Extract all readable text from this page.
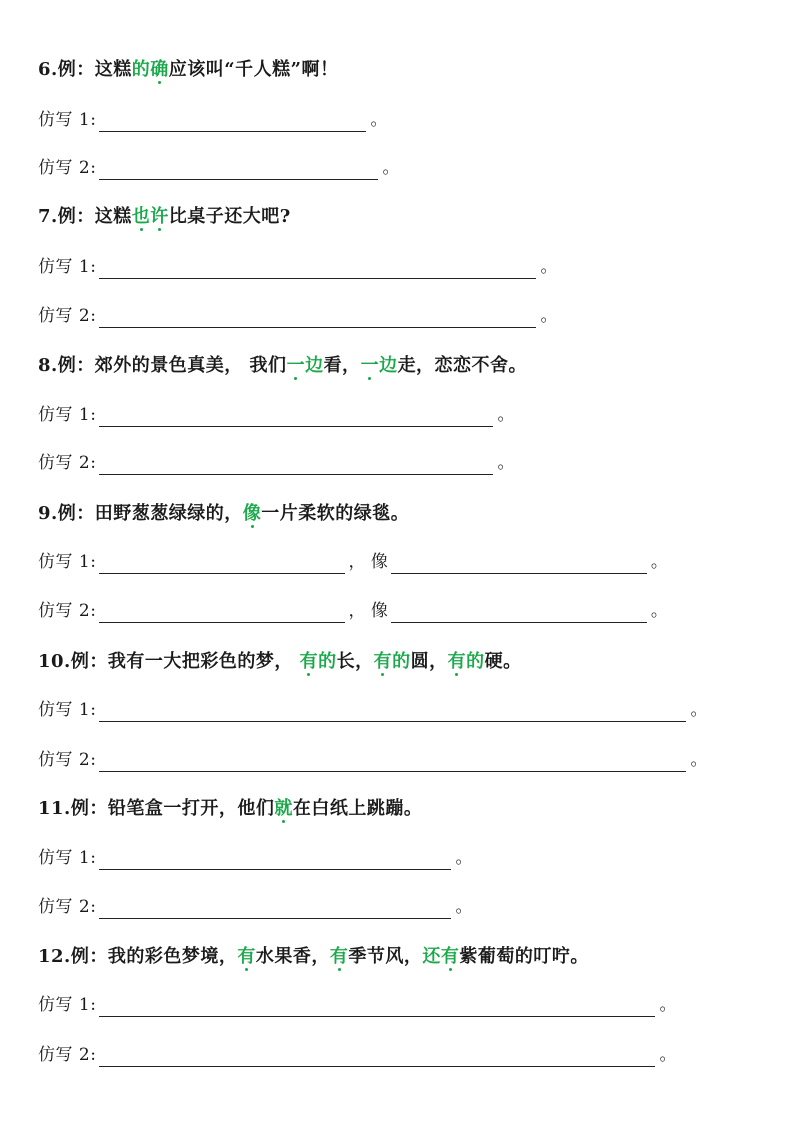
6.例：这糕的确应该叫“千人糕”啊！
仿写 1:	。
仿写 2:	。
7.例：这糕也许比桌子还大吧?
仿写 1:	。
仿写 2:	。
8.例：郊外的景色真美， 我们一边看，一边走，恋恋不舍。
仿写 1:	。
仿写 2:	。
9.例：田野葱葱绿绿的，像一片柔软的绿毯。
仿写 1:	， 像	。
仿写 2:	， 像	。
10.例：我有一大把彩色的梦， 有的长，有的圆，有的硬。
仿写 1:	。
仿写 2:	。
11.例：铅笔盒一打开，他们就在白纸上跳蹦。
仿写 1:	。
仿写 2:	。
12.例：我的彩色梦境，有水果香，有季节风，还有紫葡萄的叮咛。
仿写 1:	。
仿写 2:	。
